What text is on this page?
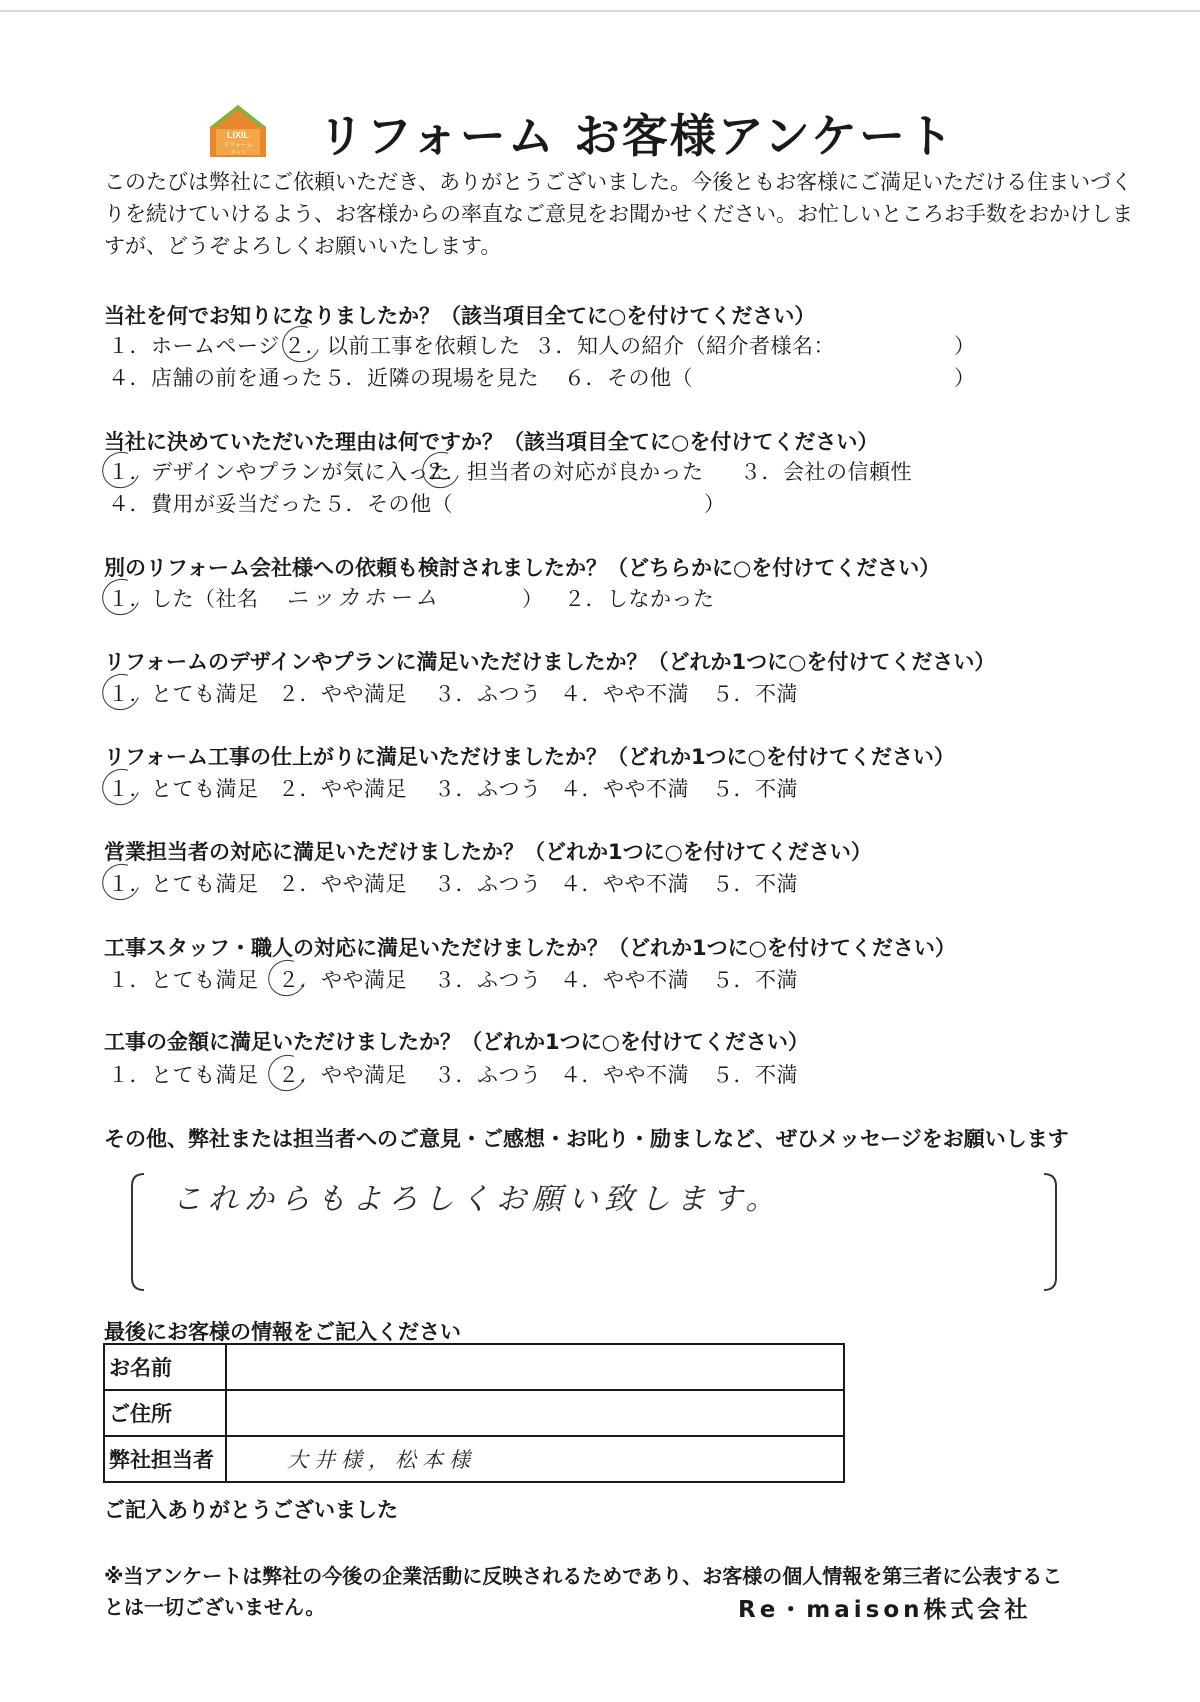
LIXIL
リフォーム
ネット リフォーム お客様アンケート
このたびは弊社にご依頼いただき、ありがとうございました。今後ともお客様にご満足いただける住まいづく
りを続けていけるよう、お客様からの率直なご意見をお聞かせください。お忙しいところお手数をおかけしま
すが、どうぞよろしくお願いいたします。
当社を何でお知りになりましたか？（該当項目全てに○を付けてください）
１．ホームページ ２．以前工事を依頼した ３．知人の紹介（紹介者様名：	）
４．店舗の前を通った ５．近隣の現場を見た ６．その他（	）
当社に決めていただいた理由は何ですか？（該当項目全てに○を付けてください）
１．デザインやプランが気に入った
２．担当者の対応が良かった ３．会社の信頼性
４．費用が妥当だった ５．その他（	）
別のリフォーム会社様への依頼も検討されましたか？（どちらかに○を付けてください）
１．した（社名 ニッカホーム	） ２．しなかった
リフォームのデザインやプランに満足いただけましたか？（どれか1つに○を付けてください）
１．とても満足 ２．やや満足 ３．ふつう ４．やや不満 ５．不満
リフォーム工事の仕上がりに満足いただけましたか？（どれか1つに○を付けてください）
１．とても満足 ２．やや満足 ３．ふつう ４．やや不満 ５．不満
営業担当者の対応に満足いただけましたか？（どれか1つに○を付けてください）
１．とても満足 ２．やや満足 ３．ふつう ４．やや不満 ５．不満
工事スタッフ・職人の対応に満足いただけましたか？（どれか1つに○を付けてください）
１．とても満足 ２．やや満足 ３．ふつう ４．やや不満 ５．不満
工事の金額に満足いただけましたか？（どれか1つに○を付けてください）
１．とても満足 ２．やや満足 ３．ふつう ４．やや不満 ５．不満
その他、弊社または担当者へのご意見・ご感想・お叱り・励ましなど、ぜひメッセージをお願いします
これからもよろしくお願い致します。
最後にお客様の情報をご記入ください
お名前	
ご住所	
弊社担当者	大井様，松本様
ご記入ありがとうございました
※当アンケートは弊社の今後の企業活動に反映されるためであり、お客様の個人情報を第三者に公表するこ
とは一切ございません。	Re・maison株式会社
